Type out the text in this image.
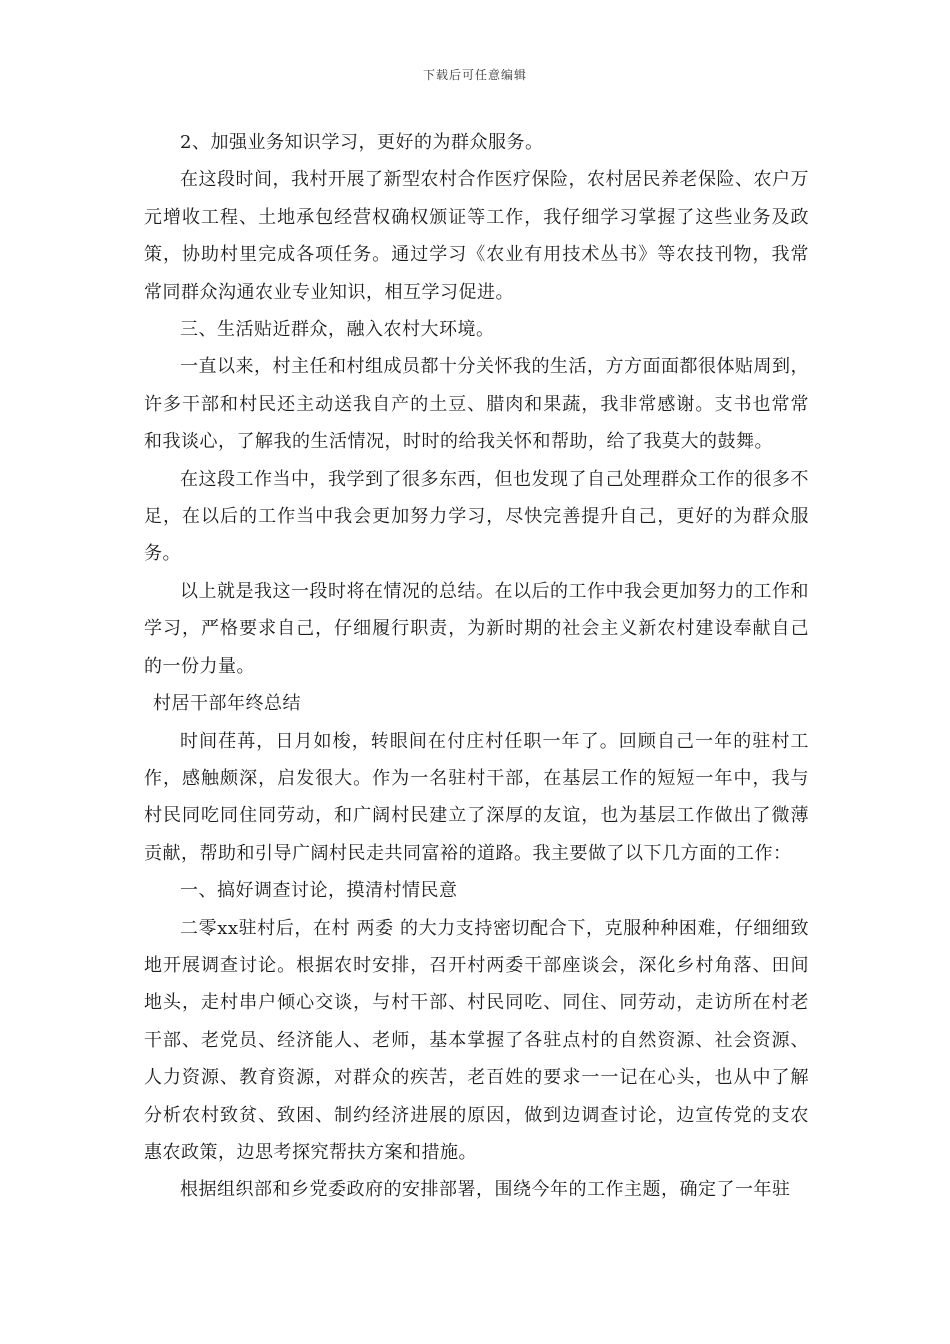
下载后可任意编辑

2、加强业务知识学习，更好的为群众服务。

在这段时间，我村开展了新型农村合作医疗保险，农村居民养老保险、农户万元增收工程、土地承包经营权确权颁证等工作，我仔细学习掌握了这些业务及政策，协助村里完成各项任务。通过学习《农业有用技术丛书》等农技刊物，我常常同群众沟通农业专业知识，相互学习促进。

三、生活贴近群众，融入农村大环境。

一直以来，村主任和村组成员都十分关怀我的生活，方方面面都很体贴周到，许多干部和村民还主动送我自产的土豆、腊肉和果蔬，我非常感谢。支书也常常和我谈心，了解我的生活情况，时时的给我关怀和帮助，给了我莫大的鼓舞。

在这段工作当中，我学到了很多东西，但也发现了自己处理群众工作的很多不足，在以后的工作当中我会更加努力学习，尽快完善提升自己，更好的为群众服务。

以上就是我这一段时将在情况的总结。在以后的工作中我会更加努力的工作和学习，严格要求自己，仔细履行职责，为新时期的社会主义新农村建设奉献自己的一份力量。

村居干部年终总结

时间荏苒，日月如梭，转眼间在付庄村任职一年了。回顾自己一年的驻村工作，感触颇深，启发很大。作为一名驻村干部，在基层工作的短短一年中，我与村民同吃同住同劳动，和广阔村民建立了深厚的友谊，也为基层工作做出了微薄贡献，帮助和引导广阔村民走共同富裕的道路。我主要做了以下几方面的工作：

一、搞好调查讨论，摸清村情民意

二零xx驻村后，在村 两委 的大力支持密切配合下，克服种种困难，仔细细致地开展调查讨论。根据农时安排，召开村两委干部座谈会，深化乡村角落、田间地头，走村串户倾心交谈，与村干部、村民同吃、同住、同劳动，走访所在村老干部、老党员、经济能人、老师，基本掌握了各驻点村的自然资源、社会资源、人力资源、教育资源，对群众的疾苦，老百姓的要求一一记在心头，也从中了解分析农村致贫、致困、制约经济进展的原因，做到边调查讨论，边宣传党的支农惠农政策，边思考探究帮扶方案和措施。

根据组织部和乡党委政府的安排部署，围绕今年的工作主题，确定了一年驻
